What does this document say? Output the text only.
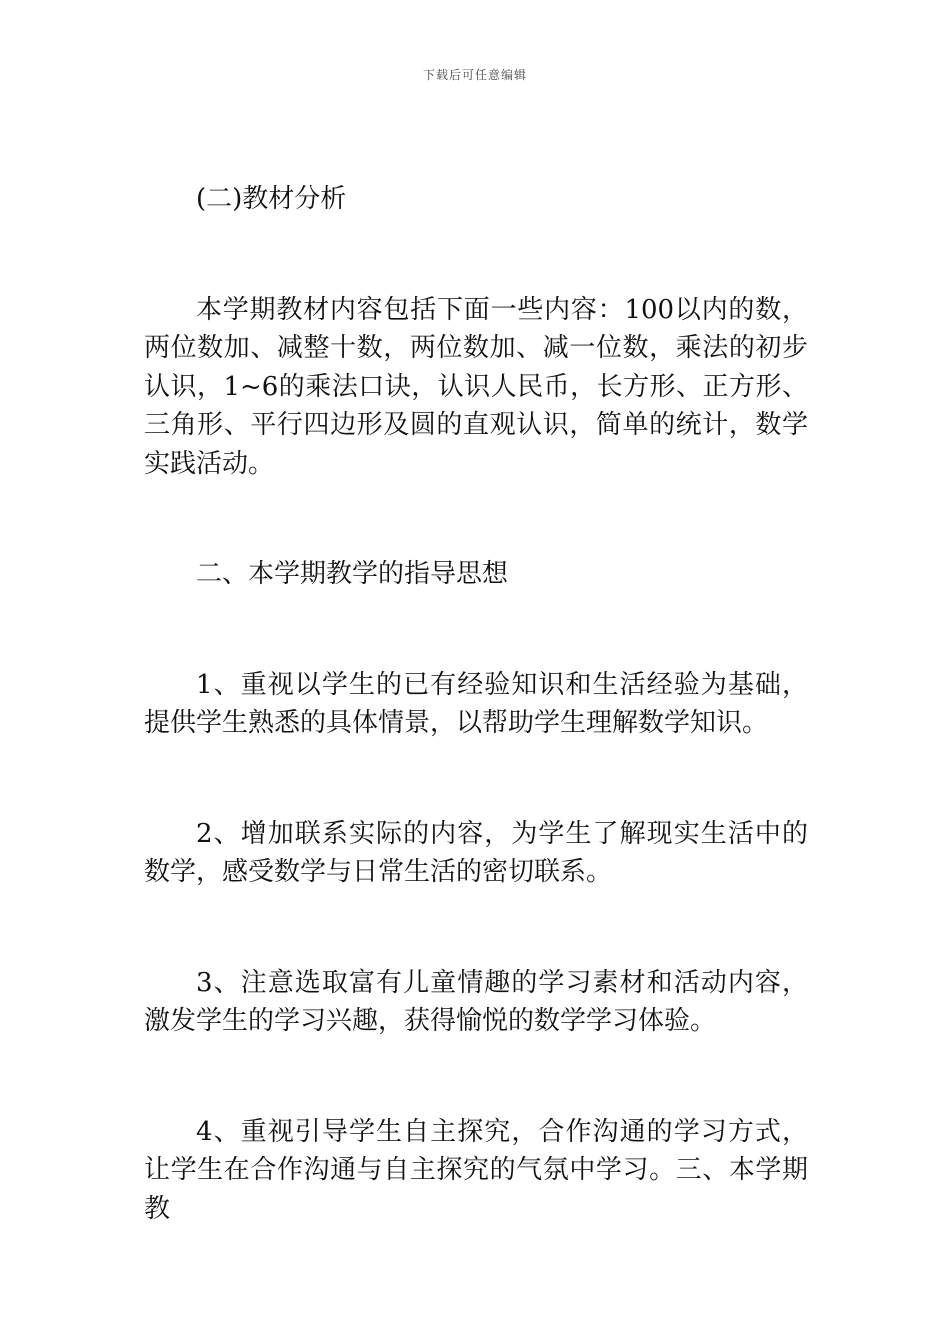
下载后可任意编辑

(二)教材分析

本学期教材内容包括下面一些内容：100以内的数，两位数加、减整十数，两位数加、减一位数，乘法的初步认识，1~6的乘法口诀，认识人民币，长方形、正方形、三角形、平行四边形及圆的直观认识，简单的统计，数学实践活动。

二、本学期教学的指导思想

1、重视以学生的已有经验知识和生活经验为基础，提供学生熟悉的具体情景，以帮助学生理解数学知识。

2、增加联系实际的内容，为学生了解现实生活中的数学，感受数学与日常生活的密切联系。

3、注意选取富有儿童情趣的学习素材和活动内容，激发学生的学习兴趣，获得愉悦的数学学习体验。

4、重视引导学生自主探究，合作沟通的学习方式，让学生在合作沟通与自主探究的气氛中学习。三、本学期教
